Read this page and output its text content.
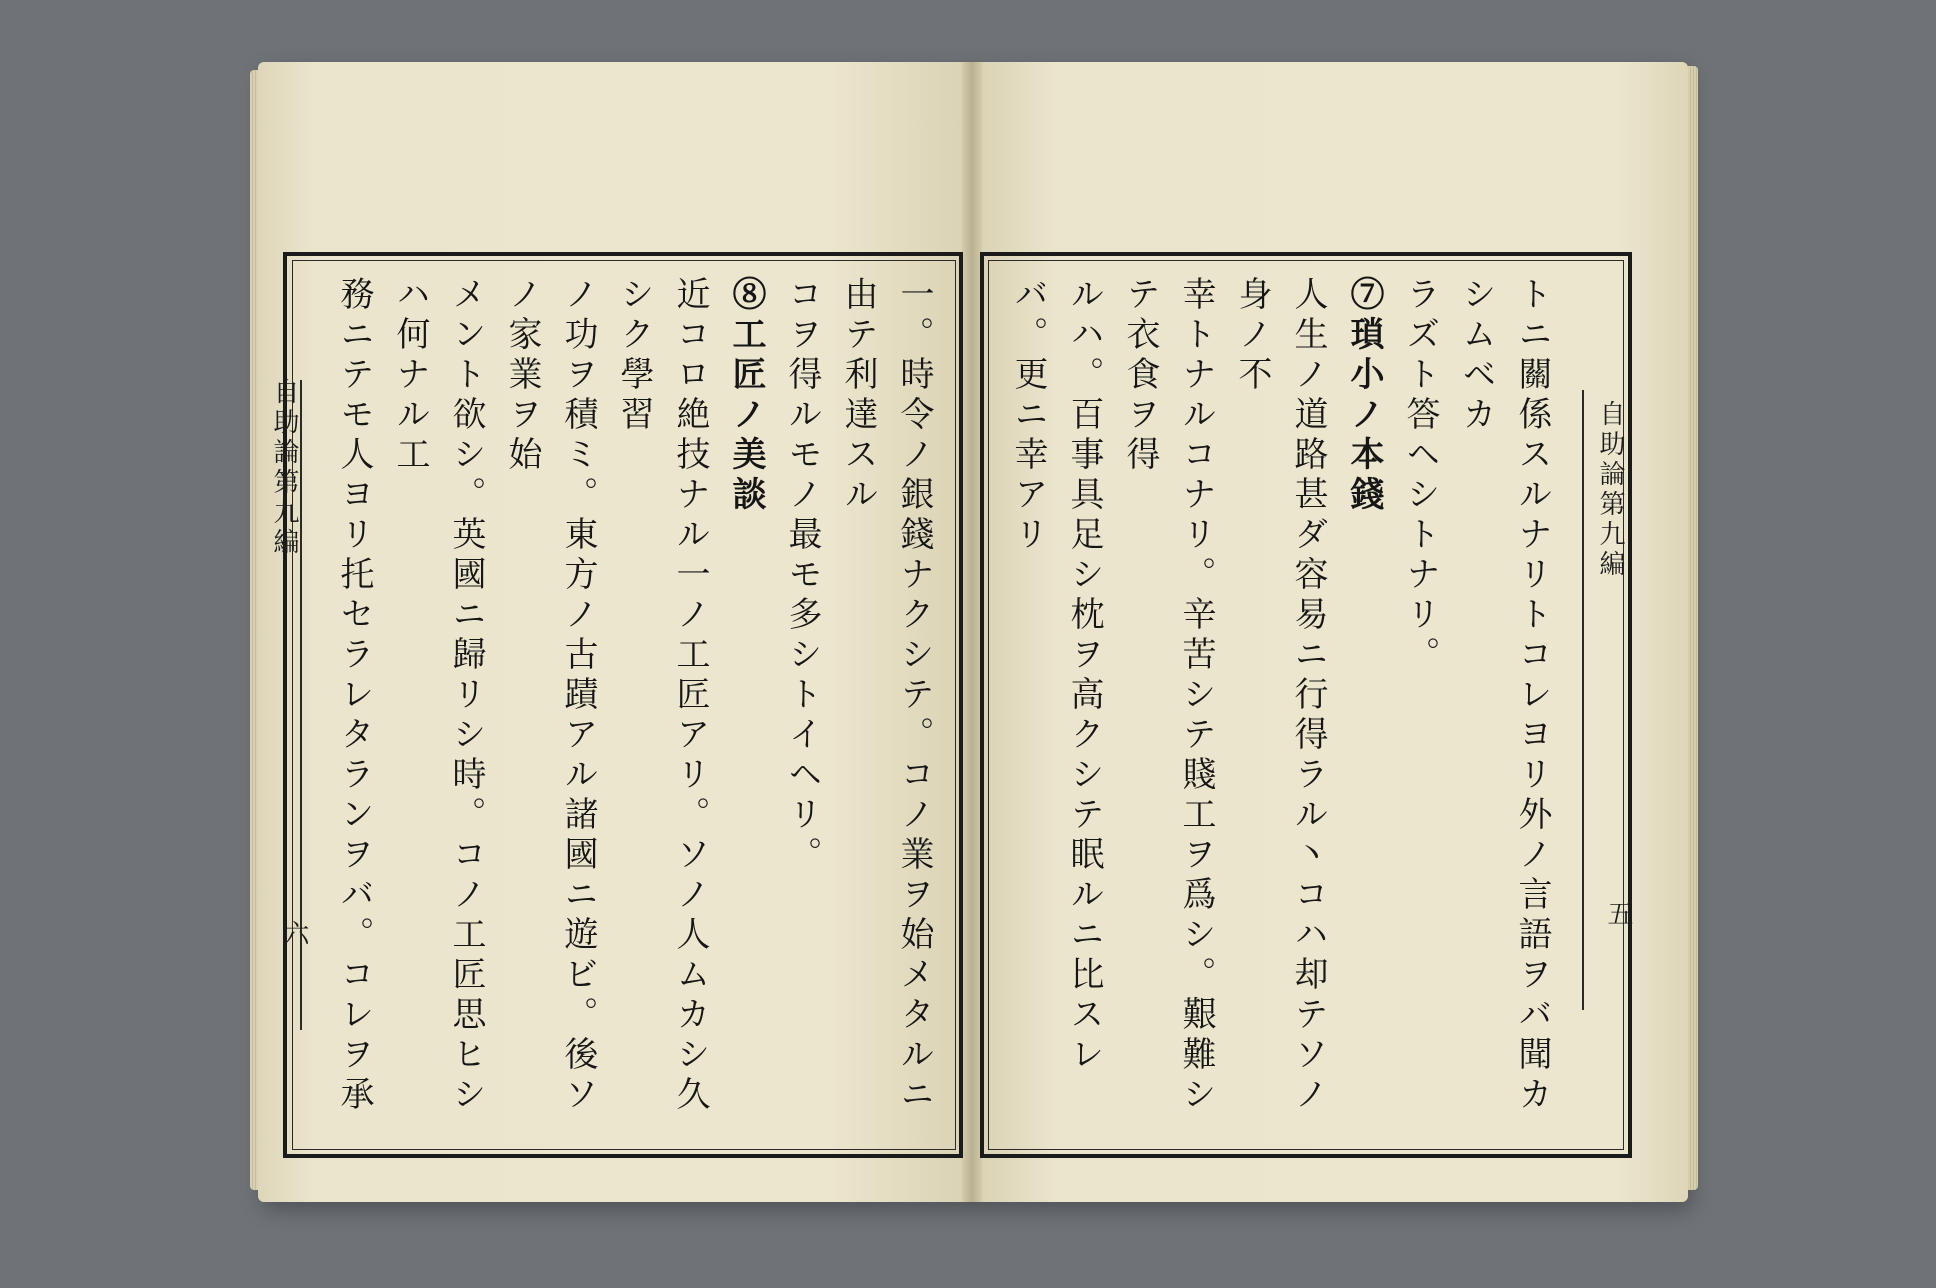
自助論第九編
六
自助論第九編
五
トニ關係スルナリトコレヨリ外ノ言語ヲバ聞カシムベカ
ラズト答ヘシトナリ。
⑦瑣小ノ本錢
人生ノ道路甚ダ容易ニ行得ラル丶コハ却テソノ身ノ不
幸トナルコナリ。辛苦シテ賤工ヲ爲シ。艱難シテ衣食ヲ得
ルハ。百事具足シ枕ヲ高クシテ眠ルニ比スレバ。更ニ幸アリ
一。時令ノ銀錢ナクシテ。コノ業ヲ始メタルニ由テ利達スル
コヲ得ルモノ最モ多シトイヘリ。
⑧工匠ノ美談
近コロ絶技ナル一ノ工匠アリ。ソノ人ムカシ久シク學習
ノ功ヲ積ミ。東方ノ古蹟アル諸國ニ遊ビ。後ソノ家業ヲ始
メント欲シ。英國ニ歸リシ時。コノ工匠思ヒシハ何ナル工
務ニテモ人ヨリ托セラレタランヲバ。コレヲ承
